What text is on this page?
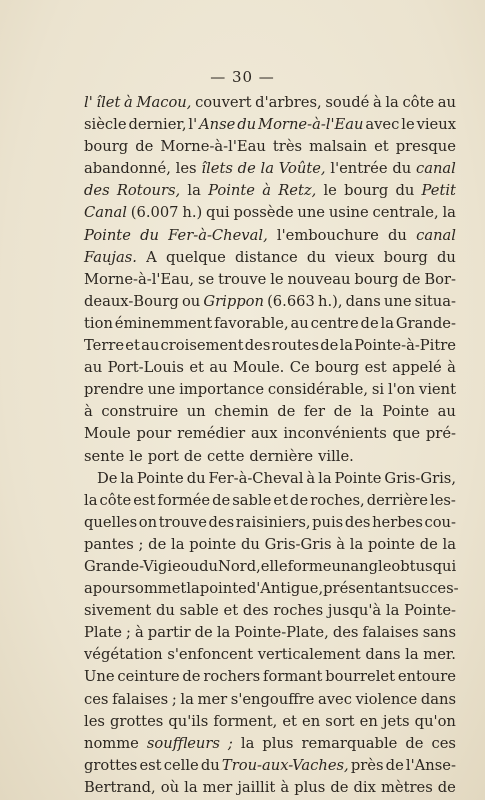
— 30 —
l' îlet à Macou, couvert d'arbres, soudé à la côte au
siècle dernier, l' Anse du Morne-à-l'Eau avec le vieux
bourg de Morne-à-l'Eau très malsain et presque
abandonné, les îlets de la Voûte, l'entrée du canal
des Rotours, la Pointe à Retz, le bourg du Petit
Canal (6.007 h.) qui possède une usine centrale, la
Pointe du Fer-à-Cheval, l'embouchure du canal
Faujas. A quelque distance du vieux bourg du
Morne-à-l'Eau, se trouve le nouveau bourg de Bor-
deaux-Bourg ou Grippon (6.663 h.), dans une situa-
tion éminemment favorable, au centre de la Grande-
Terre et au croisement des routes de la Pointe-à-Pitre
au Port-Louis et au Moule. Ce bourg est appelé à
prendre une importance considérable, si l'on vient
à construire un chemin de fer de la Pointe au
Moule pour remédier aux inconvénients que pré-
sente le port de cette dernière ville.
De la Pointe du Fer-à-Cheval à la Pointe Gris-Gris,
la côte est formée de sable et de roches, derrière les-
quelles on trouve des raisiniers, puis des herbes cou-
pantes ; de la pointe du Gris-Gris à la pointe de la
Grande-Vigie ou du Nord, elle forme un angle obtus qui
a pour sommet la pointe d'Antigue, présentant succes-
sivement du sable et des roches jusqu'à la Pointe-
Plate ; à partir de la Pointe-Plate, des falaises sans
végétation s'enfoncent verticalement dans la mer.
Une ceinture de rochers formant bourrelet entoure
ces falaises ; la mer s'engouffre avec violence dans
les grottes qu'ils forment, et en sort en jets qu'on
nomme souffleurs ; la plus remarquable de ces
grottes est celle du Trou-aux-Vaches, près de l'Anse-
Bertrand, où la mer jaillit à plus de dix mètres de
